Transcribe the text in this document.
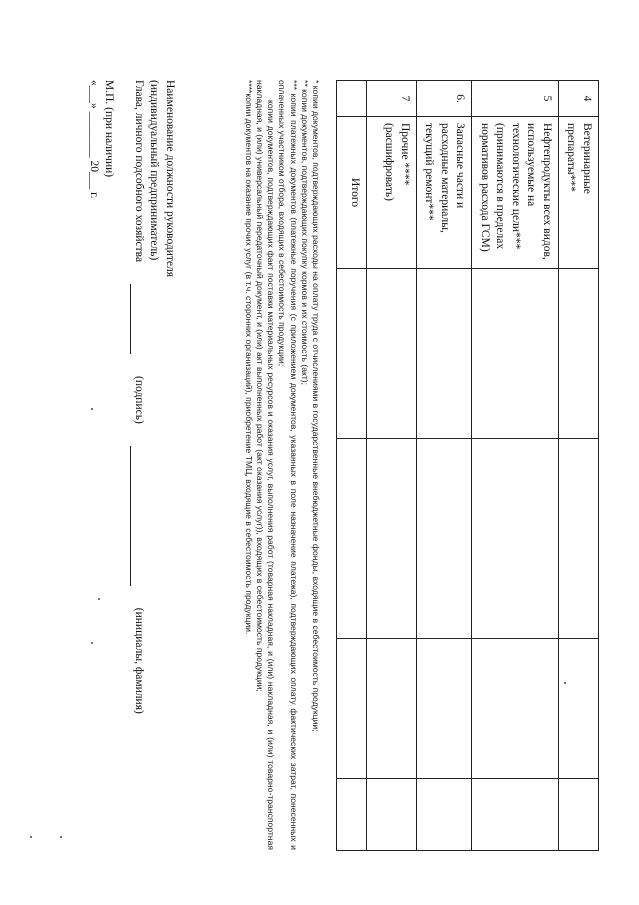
4	Ветеринарные препараты***				
5	Нефтепродукты всех видов, используемые на технологические цели*** (принимаются в пределах нормативов расхода ГСМ)				
6.	Запасные части и расходные материалы, текущий ремонт***				
7	Прочие **** (расшифровать)				
	Итого				

* копии документов, подтверждающих расходы на оплату труда с отчислениями в государственные внебюджетные фонды, входящие в себестоимость продукции;

** копии документов, подтверждающих покупку кормов и их стоимость (акт);

*** копии платежных документов (платежные поручения (с приложением документов, указанных в поле назначение платежа), подтверждающих оплату фактических затрат, понесенных и оплаченных участником отбора, входящих в себестоимость продукции;

копии документов, подтверждающих факт поставки материальных ресурсов и оказания услуг, выполнения работ (товарная накладная, и (или) накладная, и (или) товарно-транспортная накладная, и (или) универсальный передаточный документ, и (или) акт выполненных работ (акт оказания услуг)), входящих в себестоимость продукции;

****копии документов на оказание прочих услуг (в т.ч. сторонних организаций), приобретение ТМЦ, входящие в себестоимость продукции.

Наименование должности руководителя
(индивидуальный предприниматель)
Глава, личного подсобного хозяйства
(подпись)
(инициалы, фамилия)
М.П. (при наличии)
«___» ________ 20___ г.
